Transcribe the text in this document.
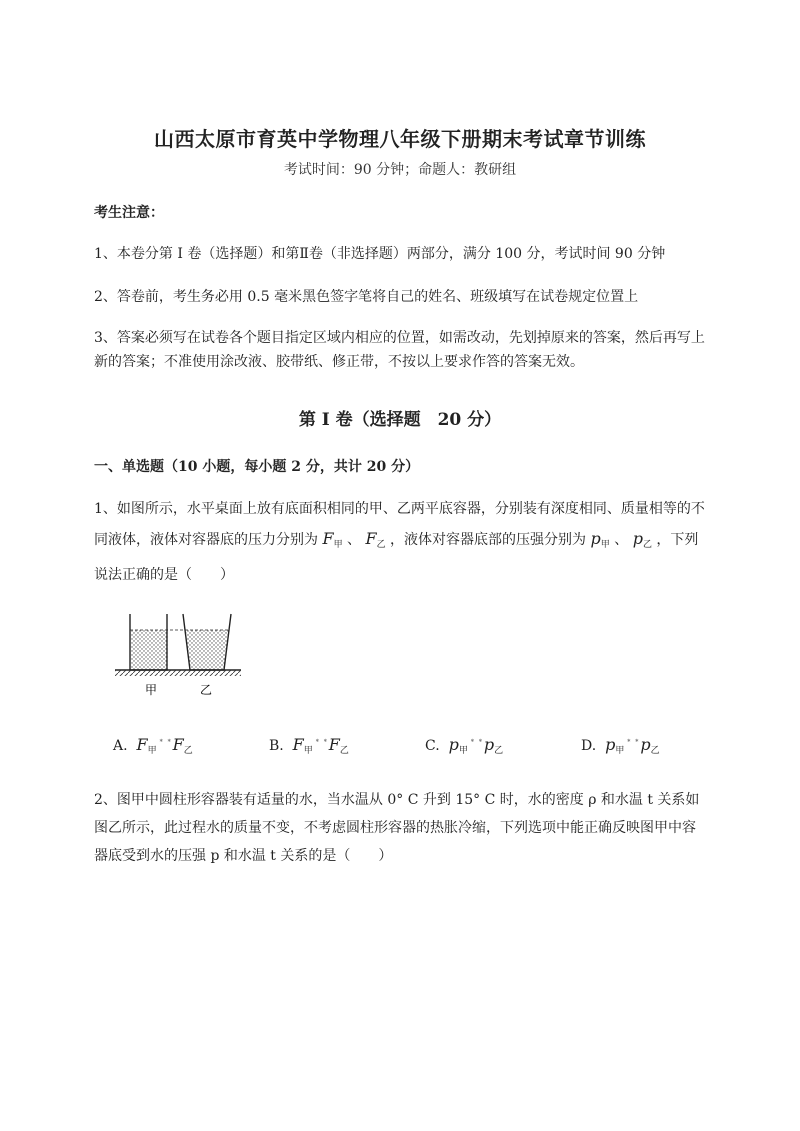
山西太原市育英中学物理八年级下册期末考试章节训练
考试时间：90 分钟；命题人：教研组
考生注意：
1、本卷分第 I 卷（选择题）和第Ⅱ卷（非选择题）两部分，满分 100 分，考试时间 90 分钟
2、答卷前，考生务必用 0.5 毫米黑色签字笔将自己的姓名、班级填写在试卷规定位置上
3、答案必须写在试卷各个题目指定区域内相应的位置，如需改动，先划掉原来的答案，然后再写上新的答案；不准使用涂改液、胶带纸、修正带，不按以上要求作答的答案无效。
第 I 卷（选择题　20 分）
一、单选题（10 小题，每小题 2 分，共计 20 分）
1、如图所示，水平桌面上放有底面积相同的甲、乙两平底容器，分别装有深度相同、质量相等的不同液体，液体对容器底的压力分别为 $F_甲$ 、 $F_乙$ ，液体对容器底部的压强分别为 $p_甲$ 、 $p_乙$ ，下列说法正确的是（　　）
甲	乙
A. $F_甲^{﹡﹡}F_乙$	B. $F_甲^{﹡﹡}F_乙$	C. $p_甲^{﹡﹡}p_乙$	D. $p_甲^{﹡﹡}p_乙$
2、图甲中圆柱形容器装有适量的水，当水温从 0° C 升到 15° C 时，水的密度 ρ 和水温 t 关系如图乙所示，此过程水的质量不变，不考虑圆柱形容器的热胀冷缩，下列选项中能正确反映图甲中容器底受到水的压强 p 和水温 t 关系的是（　　）
